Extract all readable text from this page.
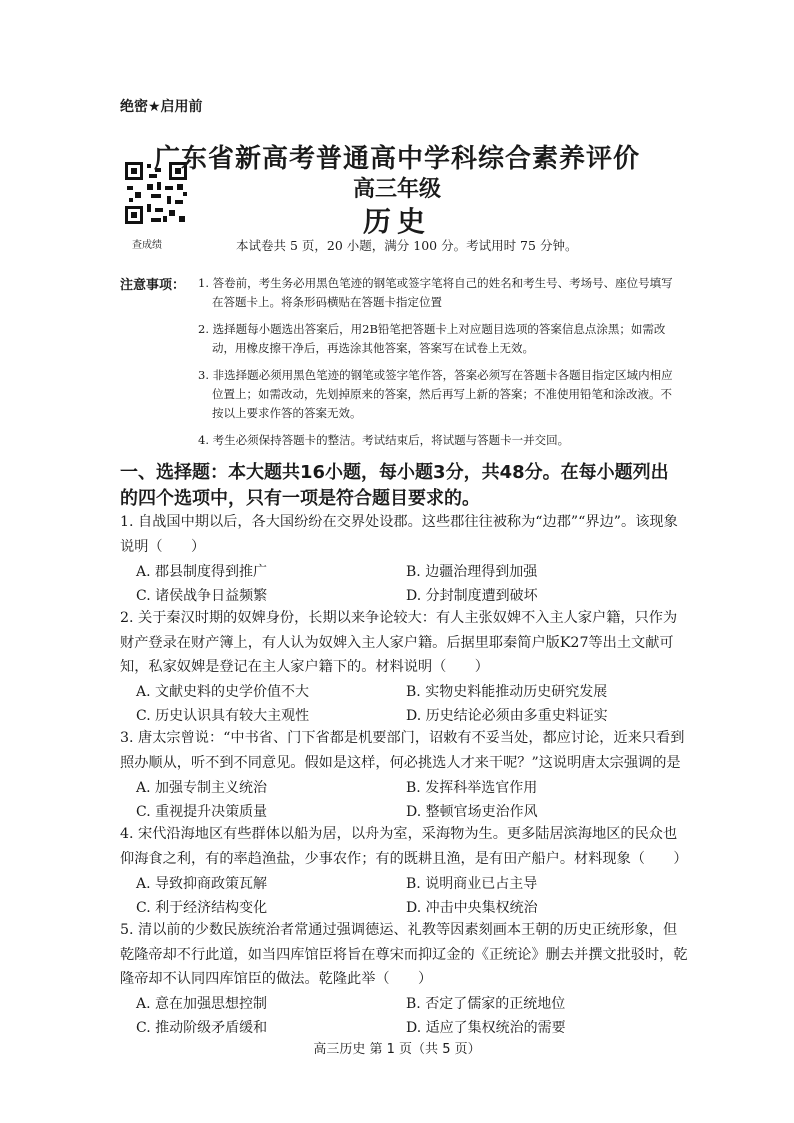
绝密★启用前
查成绩
广东省新高考普通高中学科综合素养评价
高三年级
历史
本试卷共 5 页，20 小题，满分 100 分。考试用时 75 分钟。
注意事项： 1. 答卷前，考生务必用黑色笔迹的钢笔或签字笔将自己的姓名和考生号、考场号、座位号填写在答题卡上。将条形码横贴在答题卡指定位置
2. 选择题每小题选出答案后，用2B铅笔把答题卡上对应题目选项的答案信息点涂黑；如需改动，用橡皮擦干净后，再选涂其他答案，答案写在试卷上无效。
3. 非选择题必须用黑色笔迹的钢笔或签字笔作答，答案必须写在答题卡各题目指定区域内相应位置上；如需改动，先划掉原来的答案，然后再写上新的答案；不准使用铅笔和涂改液。不按以上要求作答的答案无效。
4. 考生必须保持答题卡的整洁。考试结束后，将试题与答题卡一并交回。
一、选择题：本大题共16小题，每小题3分，共48分。在每小题列出的四个选项中，只有一项是符合题目要求的。
1. 自战国中期以后，各大国纷纷在交界处设郡。这些郡往往被称为“边郡”“界边”。该现象说明（　　）
A. 郡县制度得到推广	B. 边疆治理得到加强
C. 诸侯战争日益频繁	D. 分封制度遭到破坏
2. 关于秦汉时期的奴婢身份，长期以来争论较大：有人主张奴婢不入主人家户籍，只作为财产登录在财产簿上，有人认为奴婢入主人家户籍。后据里耶秦简户版K27等出土文献可知，私家奴婢是登记在主人家户籍下的。材料说明（　　）
A. 文献史料的史学价值不大	B. 实物史料能推动历史研究发展
C. 历史认识具有较大主观性	D. 历史结论必须由多重史料证实
3. 唐太宗曾说：“中书省、门下省都是机要部门，诏敕有不妥当处，都应讨论，近来只看到照办顺从，听不到不同意见。假如是这样，何必挑选人才来干呢？”这说明唐太宗强调的是
A. 加强专制主义统治	B. 发挥科举选官作用
C. 重视提升决策质量	D. 整顿官场吏治作风
4. 宋代沿海地区有些群体以船为居，以舟为室，采海物为生。更多陆居滨海地区的民众也仰海食之利，有的率趋渔盐，少事农作；有的既耕且渔，是有田产船户。材料现象（　　）
A. 导致抑商政策瓦解	B. 说明商业已占主导
C. 利于经济结构变化	D. 冲击中央集权统治
5. 清以前的少数民族统治者常通过强调德运、礼教等因素刻画本王朝的历史正统形象，但乾隆帝却不行此道，如当四库馆臣将旨在尊宋而抑辽金的《正统论》删去并撰文批驳时，乾隆帝却不认同四库馆臣的做法。乾隆此举（　　）
A. 意在加强思想控制	B. 否定了儒家的正统地位
C. 推动阶级矛盾缓和	D. 适应了集权统治的需要
高三历史 第 1 页（共 5 页）
